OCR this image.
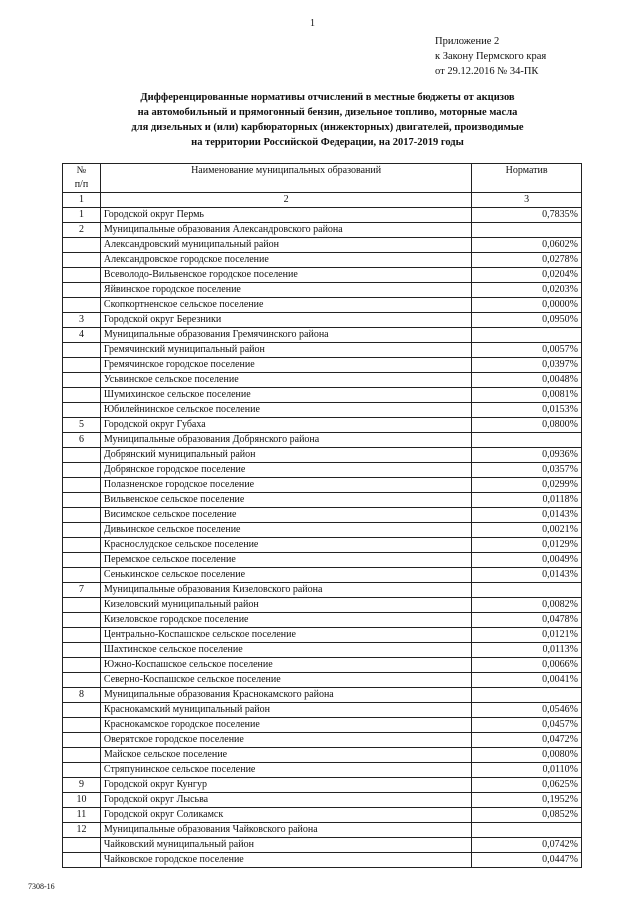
1
Приложение 2
к Закону Пермского края
от 29.12.2016 № 34-ПК
Дифференцированные нормативы отчислений в местные бюджеты от акцизов
на автомобильный и прямогонный бензин, дизельное топливо, моторные масла
для дизельных и (или) карбюраторных (инжекторных) двигателей, производимые
на территории Российской Федерации, на 2017-2019 годы
№
п/п	Наименование муниципальных образований	Норматив
1	2	3
1	Городской округ Пермь	0,7835%
2	Муниципальные образования Александровского района	
	Александровский муниципальный район	0,0602%
	Александровское городское поселение	0,0278%
	Всеволодо-Вильвенское городское поселение	0,0204%
	Яйвинское городское поселение	0,0203%
	Скопкортненское сельское поселение	0,0000%
3	Городской округ Березники	0,0950%
4	Муниципальные образования Гремячинского района	
	Гремячинский муниципальный район	0,0057%
	Гремячинское городское поселение	0,0397%
	Усьвинское сельское поселение	0,0048%
	Шумихинское сельское поселение	0,0081%
	Юбилейнинское сельское поселение	0,0153%
5	Городской округ Губаха	0,0800%
6	Муниципальные образования Добрянского района	
	Добрянский муниципальный район	0,0936%
	Добрянское городское поселение	0,0357%
	Полазненское городское поселение	0,0299%
	Вильвенское сельское поселение	0,0118%
	Висимское сельское поселение	0,0143%
	Дивьинское сельское поселение	0,0021%
	Краснослудское сельское поселение	0,0129%
	Перемское сельское поселение	0,0049%
	Сенькинское сельское поселение	0,0143%
7	Муниципальные образования Кизеловского района	
	Кизеловский муниципальный район	0,0082%
	Кизеловское городское поселение	0,0478%
	Центрально-Коспашское сельское поселение	0,0121%
	Шахтинское сельское поселение	0,0113%
	Южно-Коспашское сельское поселение	0,0066%
	Северно-Коспашское сельское поселение	0,0041%
8	Муниципальные образования Краснокамского района	
	Краснокамский муниципальный район	0,0546%
	Краснокамское городское поселение	0,0457%
	Оверятское городское поселение	0,0472%
	Майское сельское поселение	0,0080%
	Стряпунинское сельское поселение	0,0110%
9	Городской округ Кунгур	0,0625%
10	Городской округ Лысьва	0,1952%
11	Городской округ Соликамск	0,0852%
12	Муниципальные образования Чайковского района	
	Чайковский муниципальный район	0,0742%
	Чайковское городское поселение	0,0447%
7308-16
